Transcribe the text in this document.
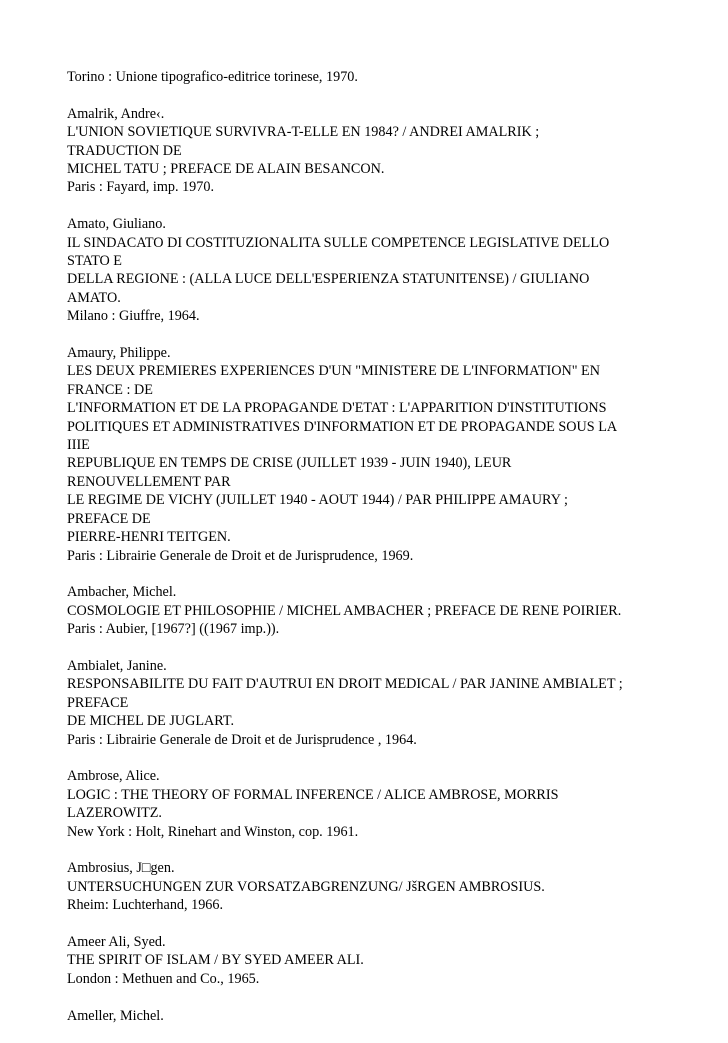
Torino : Unione tipografico-editrice torinese, 1970.
Amalrik, Andre‹.
L'UNION SOVIETIQUE SURVIVRA-T-ELLE EN 1984? / ANDREI AMALRIK ;
TRADUCTION DE
MICHEL TATU ; PREFACE DE ALAIN BESANCON.
Paris : Fayard, imp. 1970.
Amato, Giuliano.
IL SINDACATO DI COSTITUZIONALITA SULLE COMPETENCE LEGISLATIVE DELLO
STATO E
DELLA REGIONE : (ALLA LUCE DELL'ESPERIENZA STATUNITENSE) / GIULIANO
AMATO.
Milano : Giuffre, 1964.
Amaury, Philippe.
LES DEUX PREMIERES EXPERIENCES D'UN "MINISTERE DE L'INFORMATION" EN
FRANCE : DE
L'INFORMATION ET DE LA PROPAGANDE D'ETAT : L'APPARITION D'INSTITUTIONS
POLITIQUES ET ADMINISTRATIVES D'INFORMATION ET DE PROPAGANDE SOUS LA
IIIE
REPUBLIQUE EN TEMPS DE CRISE (JUILLET 1939 - JUIN 1940), LEUR
RENOUVELLEMENT PAR
LE REGIME DE VICHY (JUILLET 1940 - AOUT 1944) / PAR PHILIPPE AMAURY ;
PREFACE DE
PIERRE-HENRI TEITGEN.
Paris : Librairie Generale de Droit et de Jurisprudence, 1969.
Ambacher, Michel.
COSMOLOGIE ET PHILOSOPHIE / MICHEL AMBACHER ; PREFACE DE RENE POIRIER.
Paris : Aubier, [1967?] ((1967 imp.)).
Ambialet, Janine.
RESPONSABILITE DU FAIT D'AUTRUI EN DROIT MEDICAL / PAR JANINE AMBIALET ;
PREFACE
DE MICHEL DE JUGLART.
Paris : Librairie Generale de Droit et de Jurisprudence , 1964.
Ambrose, Alice.
LOGIC : THE THEORY OF FORMAL INFERENCE / ALICE AMBROSE, MORRIS
LAZEROWITZ.
New York : Holt, Rinehart and Winston, cop. 1961.
Ambrosius, J□gen.
UNTERSUCHUNGEN ZUR VORSATZABGRENZUNG/ JšRGEN AMBROSIUS.
Rheim: Luchterhand, 1966.
Ameer Ali, Syed.
THE SPIRIT OF ISLAM / BY SYED AMEER ALI.
London : Methuen and Co., 1965.
Ameller, Michel.
